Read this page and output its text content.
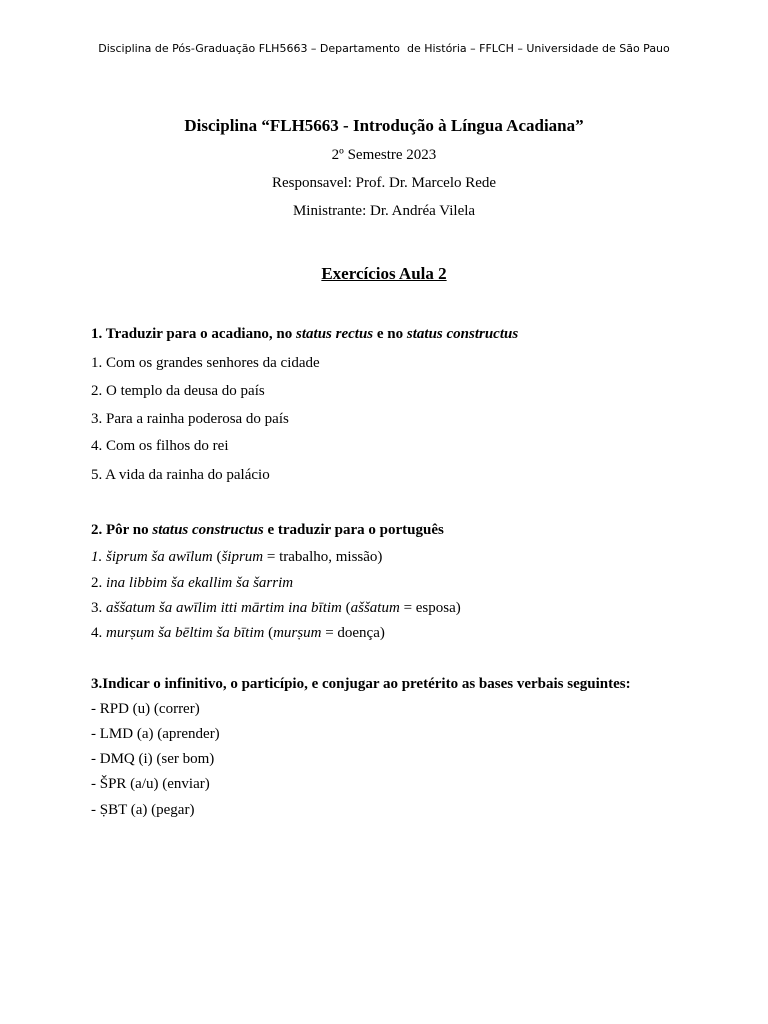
Disciplina de Pós-Graduação FLH5663 – Departamento  de História – FFLCH – Universidade de São Pauo
Disciplina “FLH5663 - Introdução à Língua Acadiana”
2º Semestre 2023
Responsavel: Prof. Dr. Marcelo Rede
Ministrante: Dr. Andréa Vilela
Exercícios Aula 2
1. Traduzir para o acadiano, no status rectus e no status constructus
1. Com os grandes senhores da cidade
2. O templo da deusa do país
3. Para a rainha poderosa do país
4. Com os filhos do rei
5. A vida da rainha do palácio
2. Pôr no status constructus e traduzir para o português
1. šiprum ša awīlum (šiprum = trabalho, missão)
2. ina libbim ša ekallim ša šarrim
3. aššatum ša awīlim itti mārtim ina bītim (aššatum = esposa)
4. murṣum ša bēltim ša bītim (murṣum = doença)
3.Indicar o infinitivo, o particípio, e conjugar ao pretérito as bases verbais seguintes:
- RPD (u) (correr)
- LMD (a) (aprender)
- DMQ (i) (ser bom)
- ŠPR (a/u) (enviar)
- ṢBT (a) (pegar)
